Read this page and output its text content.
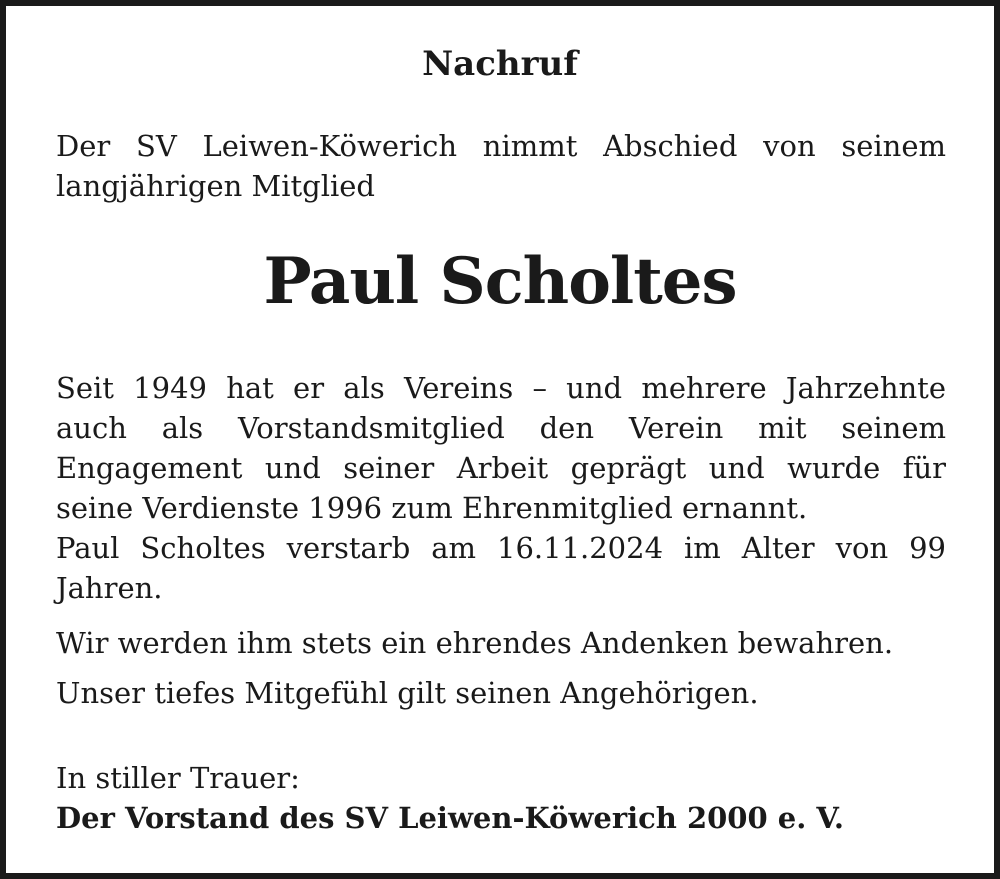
Nachruf
Der SV Leiwen-Köwerich nimmt Abschied von seinem
langjährigen Mitglied
Paul Scholtes
Seit 1949 hat er als Vereins – und mehrere Jahrzehnte
auch als Vorstandsmitglied den Verein mit seinem
Engagement und seiner Arbeit geprägt und wurde für
seine Verdienste 1996 zum Ehrenmitglied ernannt.
Paul Scholtes verstarb am 16.11.2024 im Alter von 99
Jahren.
Wir werden ihm stets ein ehrendes Andenken bewahren.
Unser tiefes Mitgefühl gilt seinen Angehörigen.
In stiller Trauer:
Der Vorstand des SV Leiwen-Köwerich 2000 e. V.
